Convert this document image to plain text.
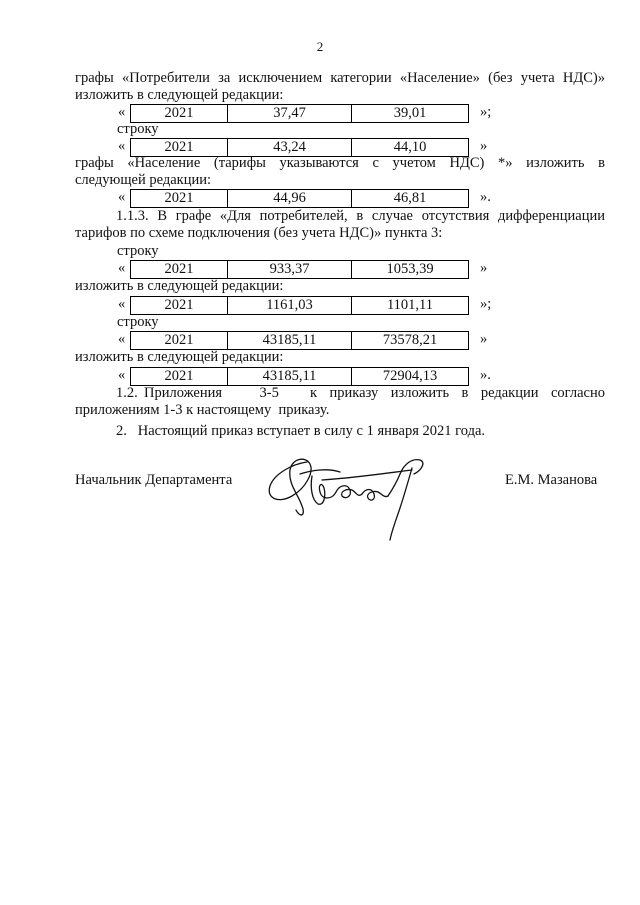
2
графы «Потребители за исключением категории «Население» (без учета НДС)»
изложить в следующей редакции:
«	2021	37,47	39,01	»;
строку
«	2021	43,24	44,10	»
графы «Население (тарифы указываются с учетом НДС) *» изложить в
следующей редакции:
«	2021	44,96	46,81	».
1.1.3. В графе «Для потребителей, в случае отсутствия дифференциации
тарифов по схеме подключения (без учета НДС)» пункта 3:
строку
«	2021	933,37	1053,39	»
изложить в следующей редакции:
«	2021	1161,03	1101,11	»;
строку
«	2021	43185,11	73578,21	»
изложить в следующей редакции:
«	2021	43185,11	72904,13	».
1.2. Приложения      3-5     к  приказу  изложить  в  редакции  согласно
приложениям 1-3 к настоящему  приказу.
2.   Настоящий приказ вступает в силу с 1 января 2021 года.
Начальник Департамента	Е.М. Мазанова
